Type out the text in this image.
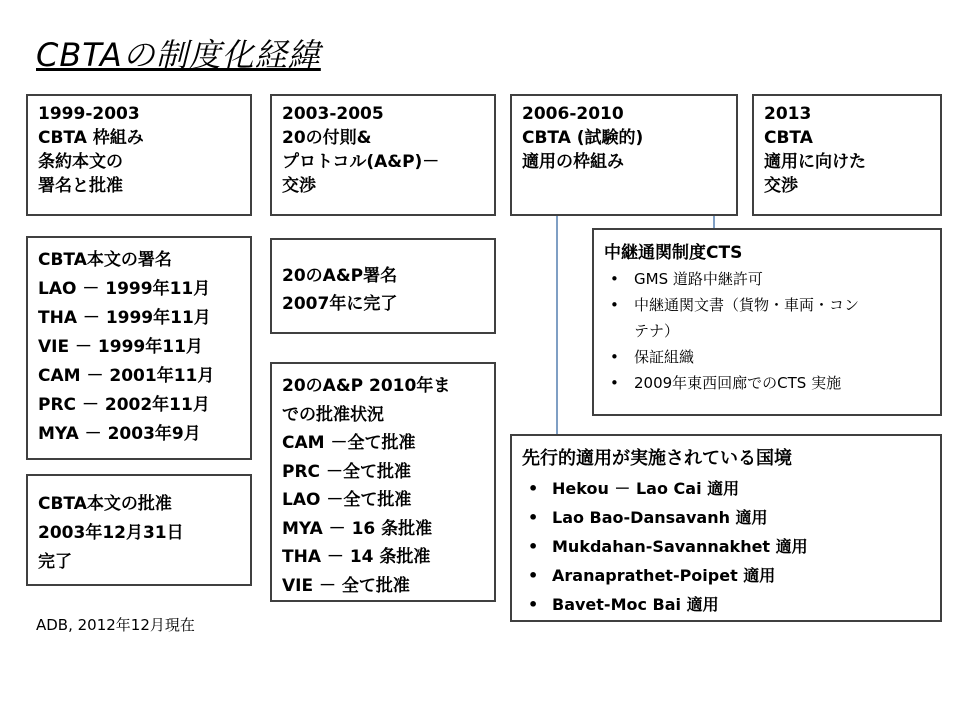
CBTAの制度化経緯
1999-2003
CBTA 枠組み
条約本文の
署名と批准
2003-2005
20の付則&
プロトコル(A&P)－
交渉
2006-2010
CBTA (試験的)
適用の枠組み
2013
CBTA
適用に向けた
交渉
CBTA本文の署名
LAO － 1999年11月
THA － 1999年11月
VIE － 1999年11月
CAM － 2001年11月
PRC － 2002年11月
MYA － 2003年9月
CBTA本文の批准
2003年12月31日
完了
20のA&P署名
2007年に完了
20のA&P 2010年ま
での批准状況
CAM －全て批准
PRC －全て批准
LAO －全て批准
MYA － 16 条批准
THA － 14 条批准
VIE － 全て批准
中継通関制度CTS
• GMS 道路中継許可
• 中継通関文書（貨物・車両・コン
テナ）
• 保証組織
• 2009年東西回廊でのCTS 実施
先行的適用が実施されている国境
• Hekou － Lao Cai 適用
• Lao Bao-Dansavanh 適用
• Mukdahan-Savannakhet 適用
• Aranaprathet-Poipet 適用
• Bavet-Moc Bai 適用
ADB, 2012年12月現在
